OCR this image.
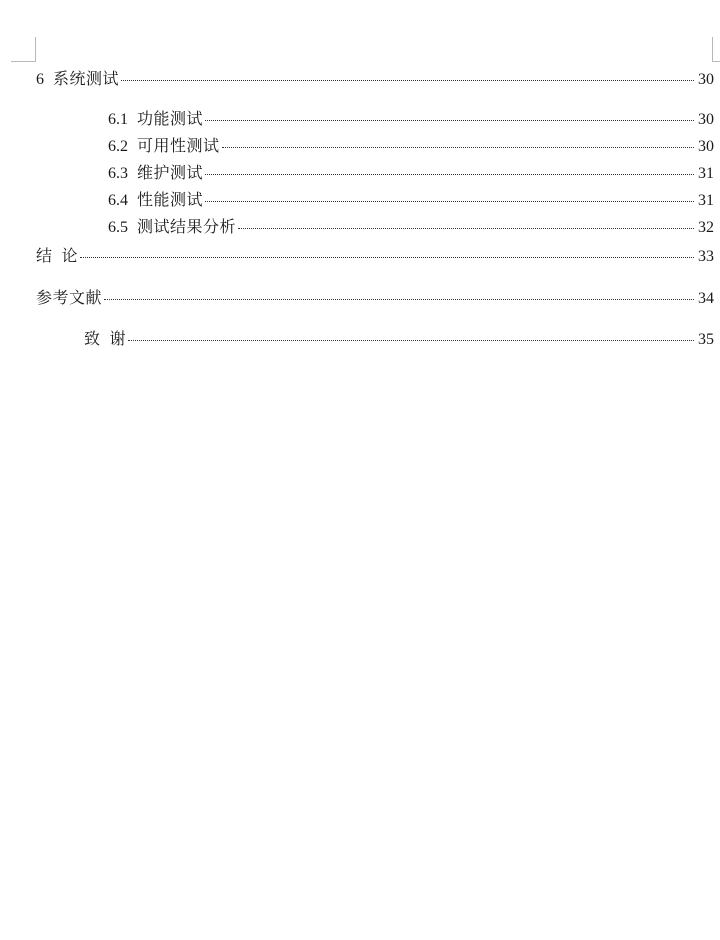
6 系统测试	30
6.1 功能测试	30
6.2 可用性测试	30
6.3 维护测试	31
6.4 性能测试	31
6.5 测试结果分析	32
结  论	33
参考文献	34
致  谢	35
